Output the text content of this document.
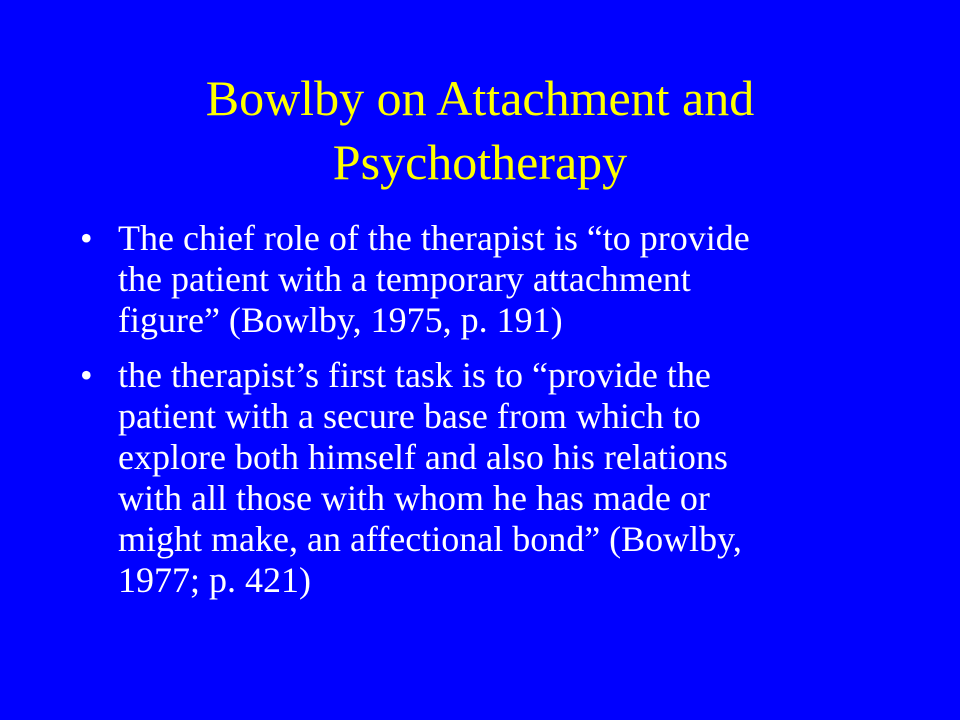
Bowlby on Attachment and
Psychotherapy
• The chief role of the therapist is “to provide
the patient with a temporary attachment
figure” (Bowlby, 1975, p. 191)
• the therapist’s first task is to “provide the
patient with a secure base from which to
explore both himself and also his relations
with all those with whom he has made or
might make, an affectional bond” (Bowlby,
1977; p. 421)
